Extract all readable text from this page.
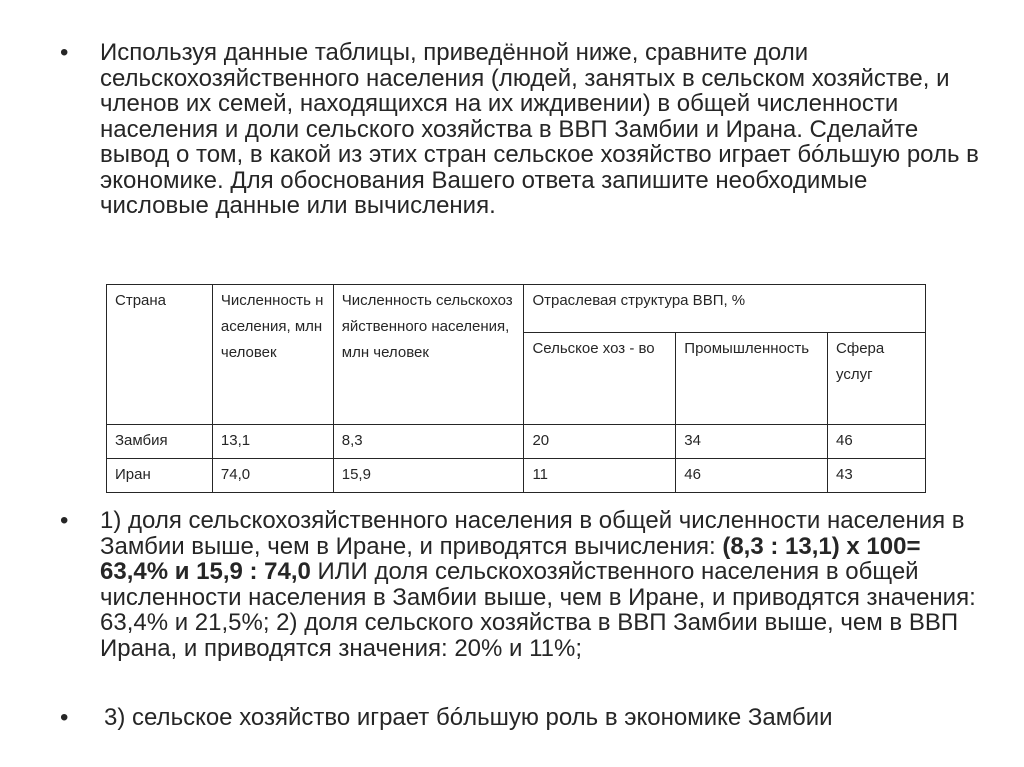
•	Используя данные таблицы, приведённой ниже, сравните доли сельскохозяйственного населения (людей, занятых в сельском хозяйстве, и членов их семей, находящихся на их иждивении) в общей численности населения и доли сельского хозяйства в ВВП Замбии и Ирана. Сделайте вывод о том, в какой из этих стран сельское хозяйство играет бóльшую роль в экономике. Для обоснования Вашего ответа запишите необходимые числовые данные или вычисления.
Страна	Численность населения, млн человек	Численность сельскохозяйственного населения, млн человек	Отраслевая структура ВВП, %		
			Сельское хоз - во	Промышленность	Сфера услуг
Замбия	13,1	8,3	20	34	46
Иран	74,0	15,9	11	46	43
•	1) доля сельскохозяйственного населения в общей численности населения в Замбии выше, чем в Иране, и приводятся вычисления: (8,3 : 13,1) х 100= 63,4% и 15,9 : 74,0 ИЛИ доля сельскохозяйственного населения в общей численности населения в Замбии выше, чем в Иране, и приводятся значения: 63,4% и 21,5%; 2) доля сельского хозяйства в ВВП Замбии выше, чем в ВВП Ирана, и приводятся значения: 20% и 11%;
•	3) сельское хозяйство играет бóльшую роль в экономике Замбии
